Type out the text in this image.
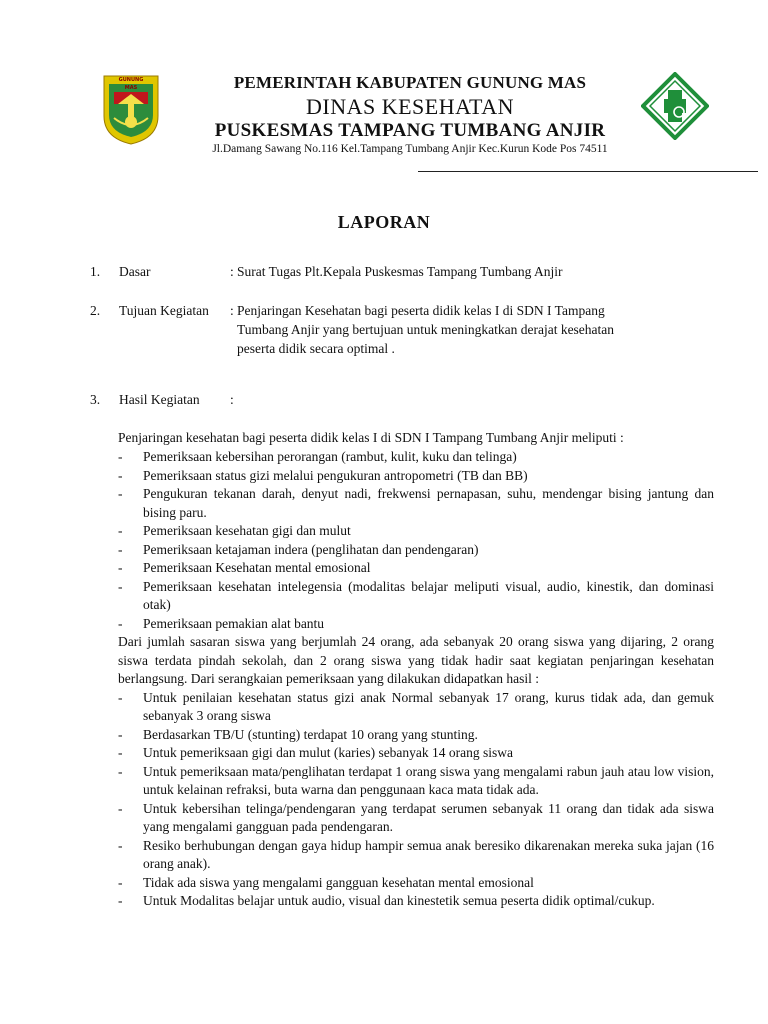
GUNUNG MAS	PEMERINTAH KABUPATEN GUNUNG MAS
DINAS KESEHATAN
PUSKESMAS TAMPANG TUMBANG ANJIR
Jl.Damang Sawang No.116 Kel.Tampang Tumbang Anjir Kec.Kurun Kode Pos 74511
LAPORAN
1. Dasar	: Surat Tugas Plt.Kepala Puskesmas Tampang Tumbang Anjir
2. Tujuan Kegiatan : Penjaringan Kesehatan bagi peserta didik kelas I di SDN I Tampang
Tumbang Anjir yang bertujuan untuk meningkatkan derajat kesehatan
peserta didik secara optimal .
3. Hasil Kegiatan :
Penjaringan kesehatan bagi peserta didik kelas I di SDN I Tampang Tumbang Anjir meliputi :
-	Pemeriksaan kebersihan perorangan (rambut, kulit, kuku dan telinga)
-	Pemeriksaan status gizi melalui pengukuran antropometri (TB dan BB)
-	Pengukuran tekanan darah, denyut nadi, frekwensi pernapasan, suhu, mendengar bising jantung dan bising paru.
-	Pemeriksaan kesehatan gigi dan mulut
-	Pemeriksaan ketajaman indera (penglihatan dan pendengaran)
-	Pemeriksaan Kesehatan mental emosional
-	Pemeriksaan kesehatan intelegensia (modalitas belajar meliputi visual, audio, kinestik, dan dominasi otak)
-	Pemeriksaan pemakian alat bantu
Dari jumlah sasaran siswa yang berjumlah 24 orang, ada sebanyak 20 orang siswa yang dijaring, 2 orang siswa terdata pindah sekolah, dan 2 orang siswa yang tidak hadir saat kegiatan penjaringan kesehatan berlangsung. Dari serangkaian pemeriksaan yang dilakukan didapatkan hasil :
-	Untuk penilaian kesehatan status gizi anak Normal sebanyak 17 orang, kurus tidak ada, dan gemuk sebanyak 3 orang siswa
-	Berdasarkan TB/U (stunting) terdapat 10 orang yang stunting.
-	Untuk pemeriksaan gigi dan mulut (karies) sebanyak 14 orang siswa
-	Untuk pemeriksaan mata/penglihatan terdapat 1 orang siswa yang mengalami rabun jauh atau low vision, untuk kelainan refraksi, buta warna dan penggunaan kaca mata tidak ada.
-	Untuk kebersihan telinga/pendengaran yang terdapat serumen sebanyak 11 orang dan tidak ada siswa yang mengalami gangguan pada pendengaran.
-	Resiko berhubungan dengan gaya hidup hampir semua anak beresiko dikarenakan mereka suka jajan (16 orang anak).
-	Tidak ada siswa yang mengalami gangguan kesehatan mental emosional
-	Untuk Modalitas belajar untuk audio, visual dan kinestetik semua peserta didik optimal/cukup.
